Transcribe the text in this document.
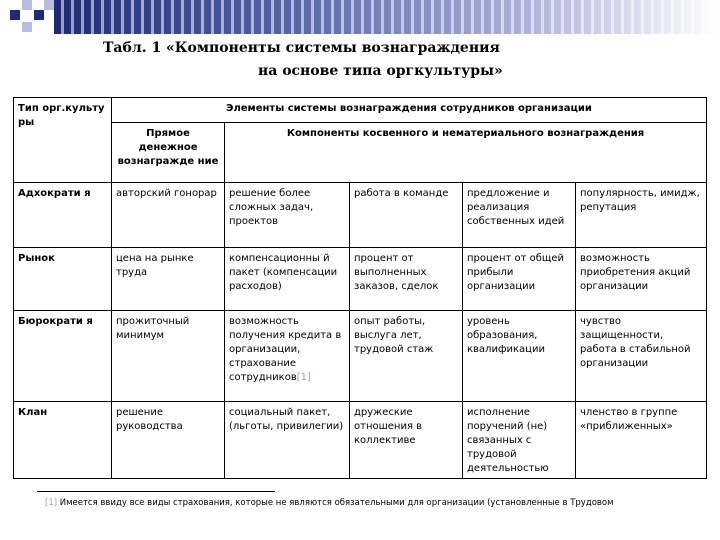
Табл. 1 «Компоненты системы вознаграждения
на основе типа оргкультуры»
Тип орг.культу ры	Элементы системы вознаграждения сотрудников организации				
	Прямое денежное вознагражде ние	Компоненты косвенного и нематериального вознаграждения			
Адхократи я	авторский гонорар	решение более сложных задач, проектов	работа в команде	предложение и реализация собственных идей	популярность, имидж, репутация
Рынок	цена на рынке труда	компенсационны й пакет (компенсации расходов)	процент от выполненных заказов, сделок	процент от общей прибыли организации	возможность приобретения акций организации
Бюрократи я	прожиточный минимум	возможность получения кредита в организации, страхование сотрудников[1]	опыт работы, выслуга лет, трудовой стаж	уровень образования, квалификации	чувство защищенности, работа в стабильной организации
Клан	решение руководства	социальный пакет, (льготы, привилегии)	дружеские отношения в коллективе	исполнение поручений (не) связанных с трудовой деятельностью	членство в группе «приближенных»
[1] Имеется ввиду все виды страхования, которые не являются обязательными для организации (установленные в Трудовом
